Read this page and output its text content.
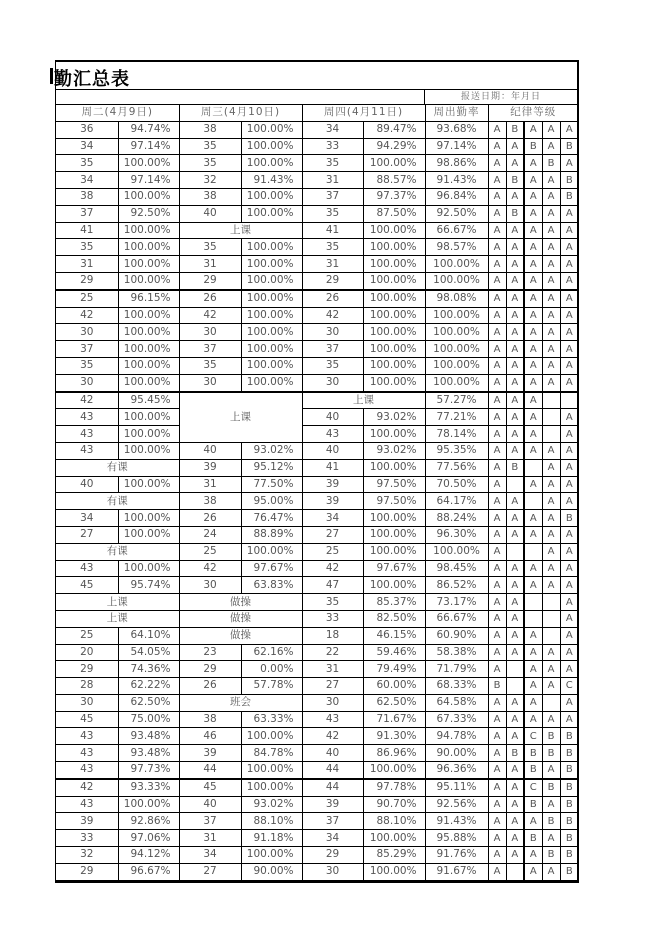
勤汇总表
报送日期：年月日
周二(4月9日)		周三(4月10日)		周四(4月11日)		周出勤率	纪律等级				
36	94.74%	38	100.00%	34	89.47%	93.68%	A	B	A	A	A
34	97.14%	35	100.00%	33	94.29%	97.14%	A	A	B	A	B
35	100.00%	35	100.00%	35	100.00%	98.86%	A	A	A	B	A
34	97.14%	32	91.43%	31	88.57%	91.43%	A	B	A	A	B
38	100.00%	38	100.00%	37	97.37%	96.84%	A	A	A	A	B
37	92.50%	40	100.00%	35	87.50%	92.50%	A	B	A	A	A
41	100.00%	上课		41	100.00%	66.67%	A	A	A	A	A
35	100.00%	35	100.00%	35	100.00%	98.57%	A	A	A	A	A
31	100.00%	31	100.00%	31	100.00%	100.00%	A	A	A	A	A
29	100.00%	29	100.00%	29	100.00%	100.00%	A	A	A	A	A
25	96.15%	26	100.00%	26	100.00%	98.08%	A	A	A	A	A
42	100.00%	42	100.00%	42	100.00%	100.00%	A	A	A	A	A
30	100.00%	30	100.00%	30	100.00%	100.00%	A	A	A	A	A
37	100.00%	37	100.00%	37	100.00%	100.00%	A	A	A	A	A
35	100.00%	35	100.00%	35	100.00%	100.00%	A	A	A	A	A
30	100.00%	30	100.00%	30	100.00%	100.00%	A	A	A	A	A
42	95.45%	上课		上课		57.27%	A	A	A		
43	100.00%			40	93.02%	77.21%	A	A	A		A
43	100.00%			43	100.00%	78.14%	A	A	A		A
43	100.00%	40	93.02%	40	93.02%	95.35%	A	A	A	A	A
有课		39	95.12%	41	100.00%	77.56%	A	B		A	A
40	100.00%	31	77.50%	39	97.50%	70.50%	A		A	A	A
有课		38	95.00%	39	97.50%	64.17%	A	A		A	A
34	100.00%	26	76.47%	34	100.00%	88.24%	A	A	A	A	B
27	100.00%	24	88.89%	27	100.00%	96.30%	A	A	A	A	A
有课		25	100.00%	25	100.00%	100.00%	A			A	A
43	100.00%	42	97.67%	42	97.67%	98.45%	A	A	A	A	A
45	95.74%	30	63.83%	47	100.00%	86.52%	A	A	A	A	A
上课		做操		35	85.37%	73.17%	A	A			A
上课		做操		33	82.50%	66.67%	A	A			A
25	64.10%	做操		18	46.15%	60.90%	A	A	A		A
20	54.05%	23	62.16%	22	59.46%	58.38%	A	A	A	A	A
29	74.36%	29	0.00%	31	79.49%	71.79%	A		A	A	A
28	62.22%	26	57.78%	27	60.00%	68.33%	B		A	A	C
30	62.50%	班会		30	62.50%	64.58%	A	A	A		A
45	75.00%	38	63.33%	43	71.67%	67.33%	A	A	A	A	A
43	93.48%	46	100.00%	42	91.30%	94.78%	A	A	C	B	B
43	93.48%	39	84.78%	40	86.96%	90.00%	A	B	B	B	B
43	97.73%	44	100.00%	44	100.00%	96.36%	A	A	B	A	B
42	93.33%	45	100.00%	44	97.78%	95.11%	A	A	C	B	B
43	100.00%	40	93.02%	39	90.70%	92.56%	A	A	B	A	B
39	92.86%	37	88.10%	37	88.10%	91.43%	A	A	A	B	B
33	97.06%	31	91.18%	34	100.00%	95.88%	A	A	B	A	B
32	94.12%	34	100.00%	29	85.29%	91.76%	A	A	A	B	B
29	96.67%	27	90.00%	30	100.00%	91.67%	A		A	A	B
